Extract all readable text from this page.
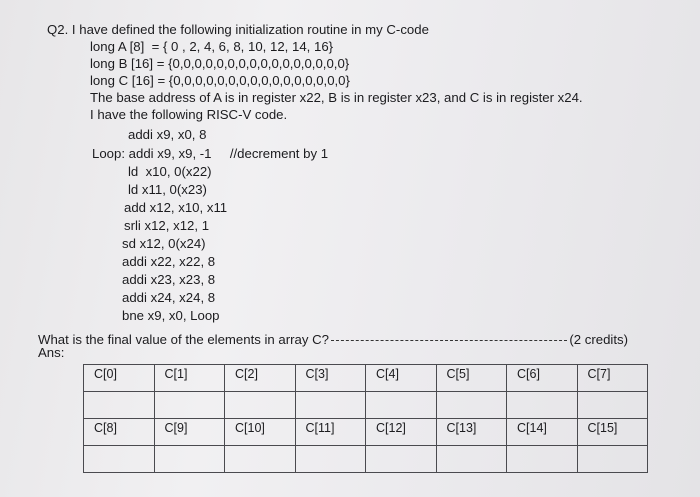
Q2. I have defined the following initialization routine in my C-code
long A [8]  = { 0 , 2, 4, 6, 8, 10, 12, 14, 16}
long B [16] = {0,0,0,0,0,0,0,0,0,0,0,0,0,0,0,0}
long C [16] = {0,0,0,0,0,0,0,0,0,0,0,0,0,0,0,0}
The base address of A is in register x22, B is in register x23, and C is in register x24.
I have the following RISC-V code.
addi x9, x0, 8
Loop: addi x9, x9, -1     //decrement by 1
ld  x10, 0(x22)
ld x11, 0(x23)
add x12, x10, x11
srli x12, x12, 1
sd x12, 0(x24)
addi x22, x22, 8
addi x23, x23, 8
addi x24, x24, 8
bne x9, x0, Loop
What is the final value of the elements in array C?	(2 credits)
Ans:
C[0]	C[1]	C[2]	C[3]	C[4]	C[5]	C[6]	C[7]

C[8]	C[9]	C[10]	C[11]	C[12]	C[13]	C[14]	C[15]
